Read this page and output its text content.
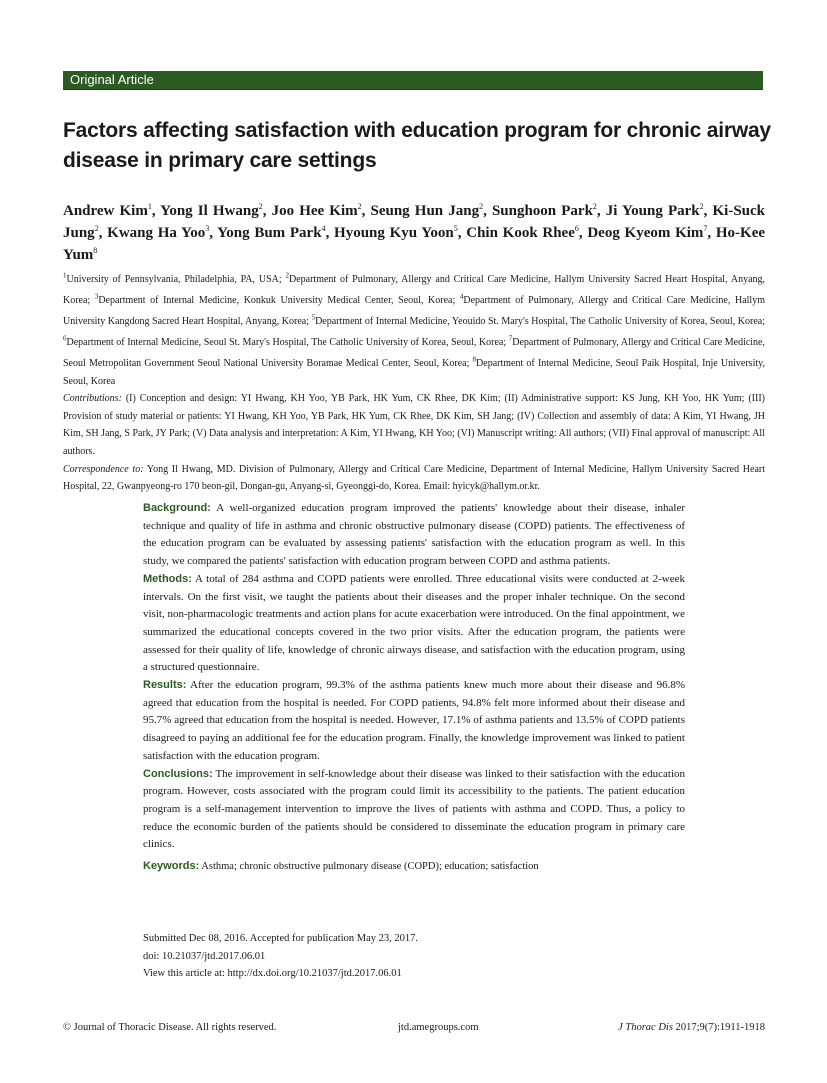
Original Article
Factors affecting satisfaction with education program for chronic airway disease in primary care settings
Andrew Kim$^1$, Yong Il Hwang$^2$, Joo Hee Kim$^2$, Seung Hun Jang$^2$, Sunghoon Park$^2$, Ji Young Park$^2$, Ki-Suck Jung$^2$, Kwang Ha Yoo$^3$, Yong Bum Park$^4$, Hyoung Kyu Yoon$^5$, Chin Kook Rhee$^6$, Deog Kyeom Kim$^7$, Ho-Kee Yum$^8$
$^1$University of Pennsylvania, Philadelphia, PA, USA; $^2$Department of Pulmonary, Allergy and Critical Care Medicine, Hallym University Sacred Heart Hospital, Anyang, Korea; $^3$Department of Internal Medicine, Konkuk University Medical Center, Seoul, Korea; $^4$Department of Pulmonary, Allergy and Critical Care Medicine, Hallym University Kangdong Sacred Heart Hospital, Anyang, Korea; $^5$Department of Internal Medicine, Yeouido St. Mary's Hospital, The Catholic University of Korea, Seoul, Korea; $^6$Department of Internal Medicine, Seoul St. Mary's Hospital, The Catholic University of Korea, Seoul, Korea; $^7$Department of Pulmonary, Allergy and Critical Care Medicine, Seoul Metropolitan Government Seoul National University Boramae Medical Center, Seoul, Korea; $^8$Department of Internal Medicine, Seoul Paik Hospital, Inje University, Seoul, Korea
Contributions: (I) Conception and design: YI Hwang, KH Yoo, YB Park, HK Yum, CK Rhee, DK Kim; (II) Administrative support: KS Jung, KH Yoo, HK Yum; (III) Provision of study material or patients: YI Hwang, KH Yoo, YB Park, HK Yum, CK Rhee, DK Kim, SH Jang; (IV) Collection and assembly of data: A Kim, YI Hwang, JH Kim, SH Jang, S Park, JY Park; (V) Data analysis and interpretation: A Kim, YI Hwang, KH Yoo; (VI) Manuscript writing: All authors; (VII) Final approval of manuscript: All authors.
Correspondence to: Yong Il Hwang, MD. Division of Pulmonary, Allergy and Critical Care Medicine, Department of Internal Medicine, Hallym University Sacred Heart Hospital, 22, Gwanpyeong-ro 170 beon-gil, Dongan-gu, Anyang-si, Gyeonggi-do, Korea. Email: hyicyk@hallym.or.kr.

Background: A well-organized education program improved the patients' knowledge about their disease, inhaler technique and quality of life in asthma and chronic obstructive pulmonary disease (COPD) patients. The effectiveness of the education program can be evaluated by assessing patients' satisfaction with the education program as well. In this study, we compared the patients' satisfaction with education program between COPD and asthma patients.

Methods: A total of 284 asthma and COPD patients were enrolled. Three educational visits were conducted at 2-week intervals. On the first visit, we taught the patients about their diseases and the proper inhaler technique. On the second visit, non-pharmacologic treatments and action plans for acute exacerbation were introduced. On the final appointment, we summarized the educational concepts covered in the two prior visits. After the education program, the patients were assessed for their quality of life, knowledge of chronic airways disease, and satisfaction with the education program, using a structured questionnaire.

Results: After the education program, 99.3% of the asthma patients knew much more about their disease and 96.8% agreed that education from the hospital is needed. For COPD patients, 94.8% felt more informed about their disease and 95.7% agreed that education from the hospital is needed. However, 17.1% of asthma patients and 13.5% of COPD patients disagreed to paying an additional fee for the education program. Finally, the knowledge improvement was linked to patient satisfaction with the education program.

Conclusions: The improvement in self-knowledge about their disease was linked to their satisfaction with the education program. However, costs associated with the program could limit its accessibility to the patients. The patient education program is a self-management intervention to improve the lives of patients with asthma and COPD. Thus, a policy to reduce the economic burden of the patients should be considered to disseminate the education program in primary care clinics.

Keywords: Asthma; chronic obstructive pulmonary disease (COPD); education; satisfaction

Submitted Dec 08, 2016. Accepted for publication May 23, 2017.
doi: 10.21037/jtd.2017.06.01
View this article at: http://dx.doi.org/10.21037/jtd.2017.06.01
© Journal of Thoracic Disease. All rights reserved.	jtd.amegroups.com	J Thorac Dis 2017;9(7):1911-1918
